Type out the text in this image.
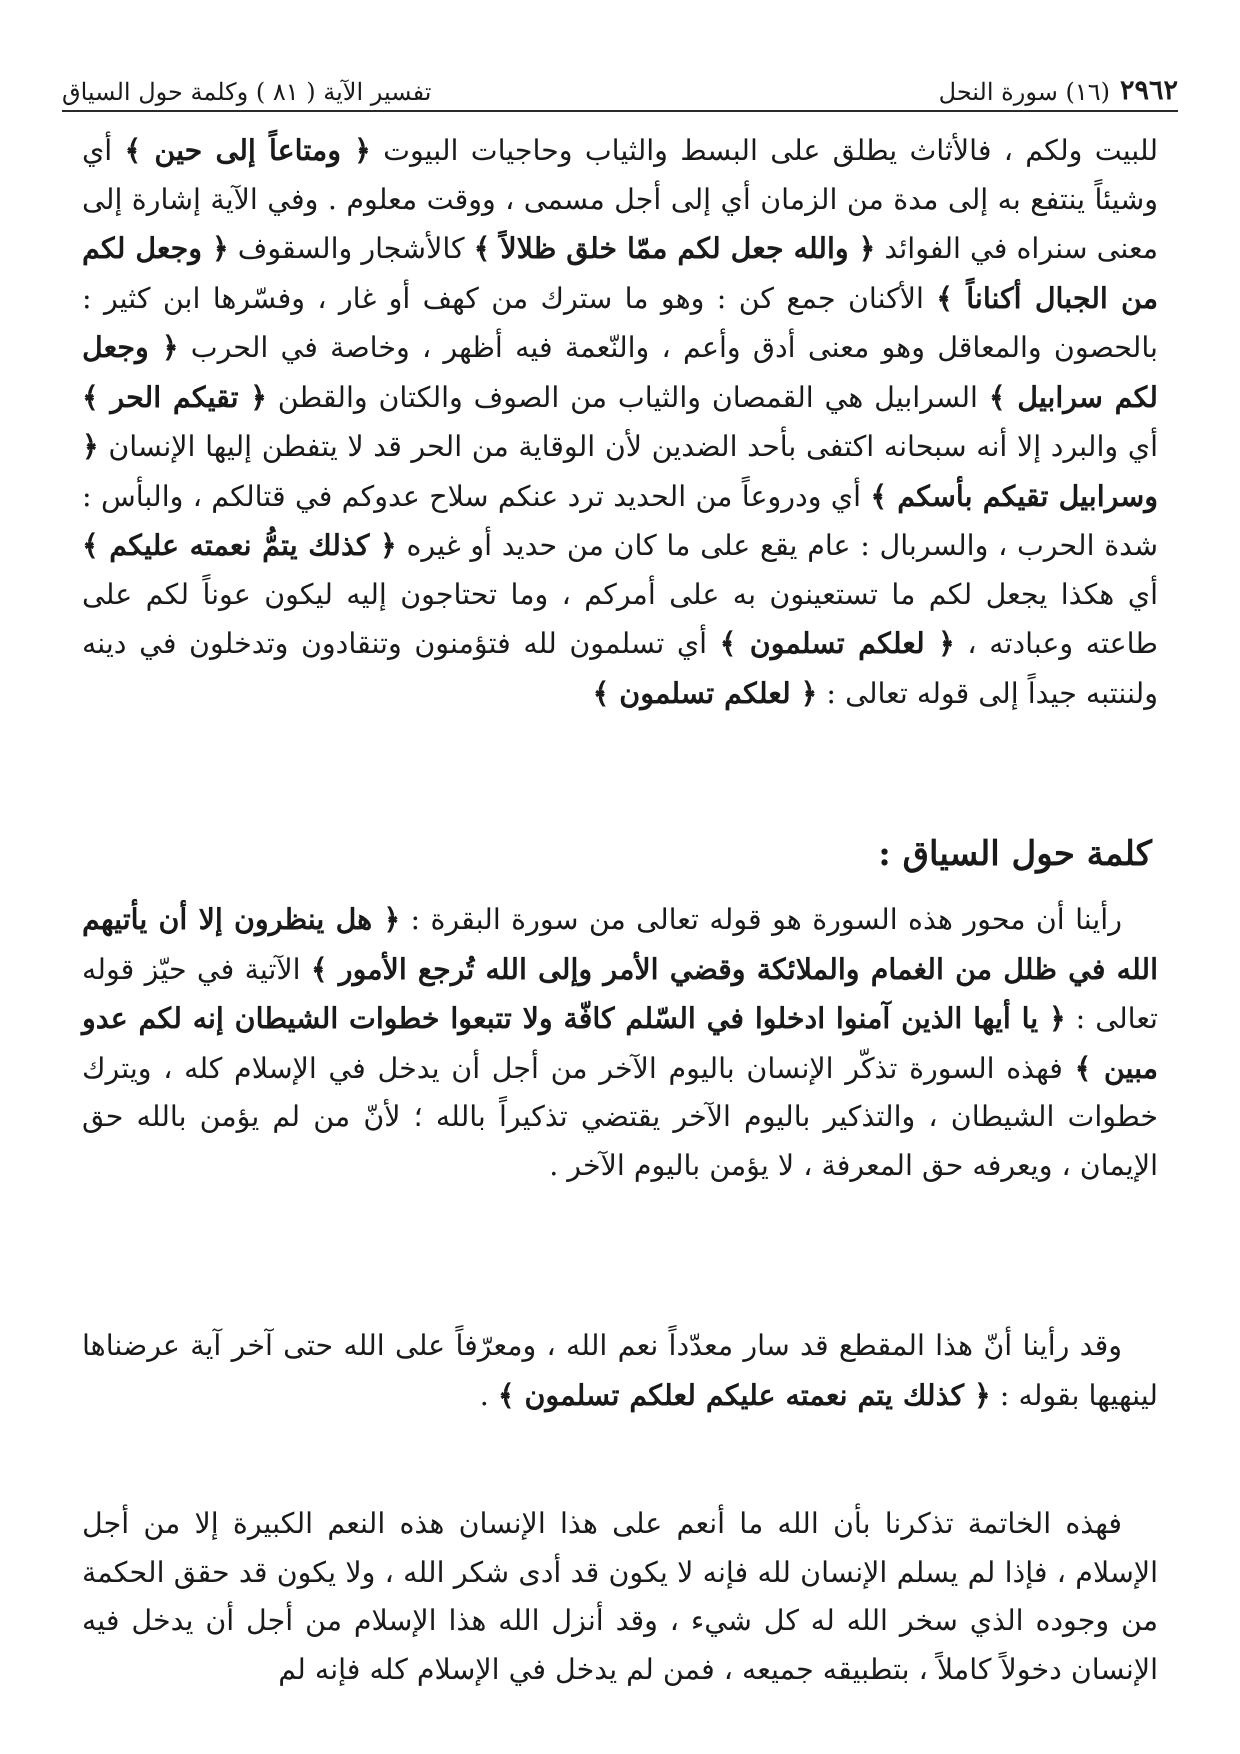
٢٩٦٢
(١٦) سورة النحل
تفسير الآية ( ٨١ ) وكلمة حول السياق

للبيت ولكم ، فالأثاث يطلق على البسط والثياب وحاجيات البيوت ﴿ ومتاعاً إلى حين ﴾ أي وشيئاً ينتفع به إلى مدة من الزمان أي إلى أجل مسمى ، ووقت معلوم . وفي الآية إشارة إلى معنى سنراه في الفوائد ﴿ والله جعل لكم ممّا خلق ظلالاً ﴾ كالأشجار والسقوف ﴿ وجعل لكم من الجبال أكناناً ﴾ الأكنان جمع كن : وهو ما سترك من كهف أو غار ، وفسّرها ابن كثير : بالحصون والمعاقل وهو معنى أدق وأعم ، والنّعمة فيه أظهر ، وخاصة في الحرب ﴿ وجعل لكم سرابيل ﴾ السرابيل هي القمصان والثياب من الصوف والكتان والقطن ﴿ تقيكم الحر ﴾ أي والبرد إلا أنه سبحانه اكتفى بأحد الضدين لأن الوقاية من الحر قد لا يتفطن إليها الإنسان ﴿ وسرابيل تقيكم بأسكم ﴾ أي ودروعاً من الحديد ترد عنكم سلاح عدوكم في قتالكم ، والبأس : شدة الحرب ، والسربال : عام يقع على ما كان من حديد أو غيره ﴿ كذلك يتمُّ نعمته عليكم ﴾ أي هكذا يجعل لكم ما تستعينون به على أمركم ، وما تحتاجون إليه ليكون عوناً لكم على طاعته وعبادته ، ﴿ لعلكم تسلمون ﴾ أي تسلمون لله فتؤمنون وتنقادون وتدخلون في دينه ولننتبه جيداً إلى قوله تعالى : ﴿ لعلكم تسلمون ﴾

كلمة حول السياق :

رأينا أن محور هذه السورة هو قوله تعالى من سورة البقرة : ﴿ هل ينظرون إلا أن يأتيهم الله في ظلل من الغمام والملائكة وقضي الأمر وإلى الله تُرجع الأمور ﴾ الآتية في حيّز قوله تعالى : ﴿ يا أيها الذين آمنوا ادخلوا في السّلم كافّة ولا تتبعوا خطوات الشيطان إنه لكم عدو مبين ﴾ فهذه السورة تذكّر الإنسان باليوم الآخر من أجل أن يدخل في الإسلام كله ، ويترك خطوات الشيطان ، والتذكير باليوم الآخر يقتضي تذكيراً بالله ؛ لأنّ من لم يؤمن بالله حق الإيمان ، ويعرفه حق المعرفة ، لا يؤمن باليوم الآخر .

وقد رأينا أنّ هذا المقطع قد سار معدّداً نعم الله ، ومعرّفاً على الله حتى آخر آية عرضناها لينهيها بقوله : ﴿ كذلك يتم نعمته عليكم لعلكم تسلمون ﴾ .

فهذه الخاتمة تذكرنا بأن الله ما أنعم على هذا الإنسان هذه النعم الكبيرة إلا من أجل الإسلام ، فإذا لم يسلم الإنسان لله فإنه لا يكون قد أدى شكر الله ، ولا يكون قد حقق الحكمة من وجوده الذي سخر الله له كل شيء ، وقد أنزل الله هذا الإسلام من أجل أن يدخل فيه الإنسان دخولاً كاملاً ، بتطبيقه جميعه ، فمن لم يدخل في الإسلام كله فإنه لم
